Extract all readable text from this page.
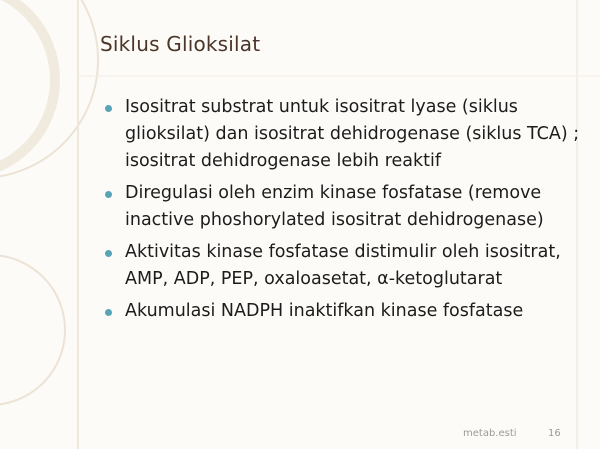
Siklus Glioksilat
Isositrat substrat untuk isositrat lyase (siklus glioksilat) dan isositrat dehidrogenase (siklus TCA) ; isositrat dehidrogenase lebih reaktif
Diregulasi oleh enzim kinase fosfatase (remove inactive phoshorylated isositrat dehidrogenase)
Aktivitas kinase fosfatase distimulir oleh isositrat, AMP, ADP, PEP, oxaloasetat, α-ketoglutarat
Akumulasi NADPH inaktifkan kinase fosfatase
metab.esti	16
